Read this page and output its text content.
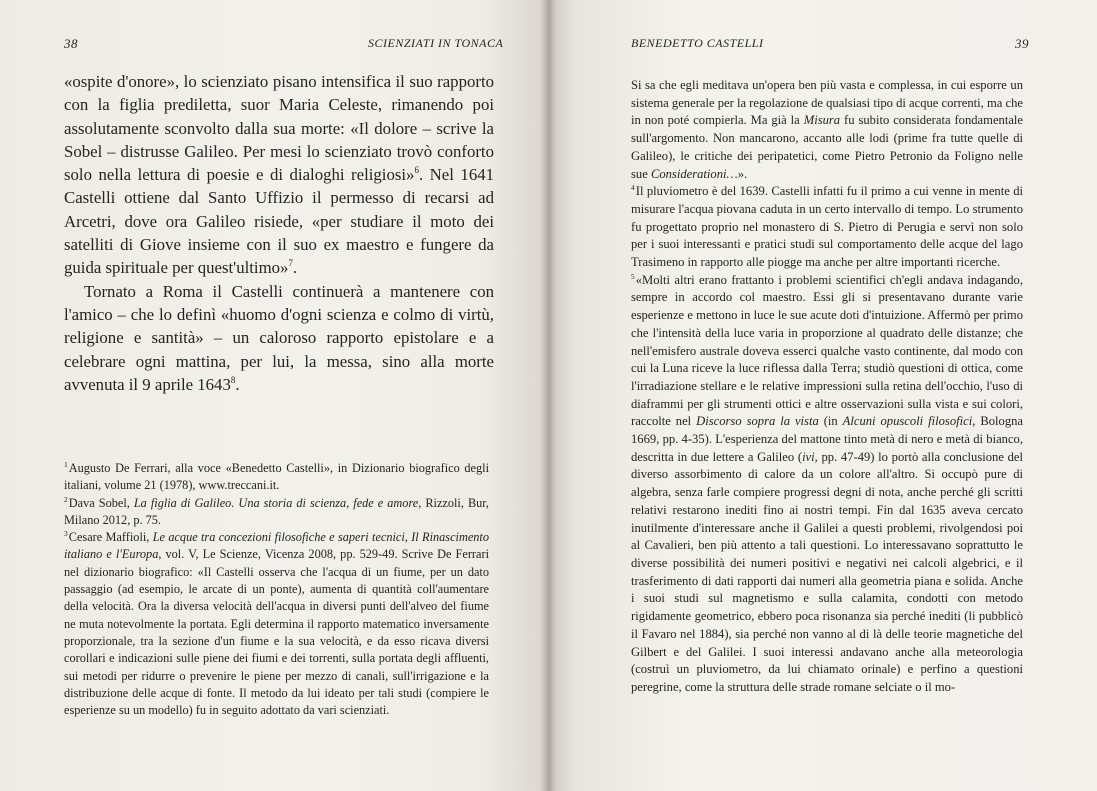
38	SCIENZIATI IN TONACA

«ospite d'onore», lo scienziato pisano intensifica il suo rapporto con la figlia prediletta, suor Maria Celeste, rimanendo poi assolutamente sconvolto dalla sua morte: «Il dolore – scrive la Sobel – distrusse Galileo. Per mesi lo scienziato trovò conforto solo nella lettura di poesie e di dialoghi religiosi»$^6$. Nel 1641 Castelli ottiene dal Santo Uffizio il permesso di recarsi ad Arcetri, dove ora Galileo risiede, «per studiare il moto dei satelliti di Giove insieme con il suo ex maestro e fungere da guida spirituale per quest'ultimo»$^7$.

Tornato a Roma il Castelli continuerà a mantenere con l'amico – che lo definì «huomo d'ogni scienza e colmo di virtù, religione e santità» – un caloroso rapporto epistolare e a celebrare ogni mattina, per lui, la messa, sino alla morte avvenuta il 9 aprile 1643$^8$.

$^1$Augusto De Ferrari, alla voce «Benedetto Castelli», in Dizionario biografico degli italiani, volume 21 (1978), www.treccani.it.

$^2$Dava Sobel, La figlia di Galileo. Una storia di scienza, fede e amore, Rizzoli, Bur, Milano 2012, p. 75.

$^3$Cesare Maffioli, Le acque tra concezioni filosofiche e saperi tecnici, Il Rinascimento italiano e l'Europa, vol. V, Le Scienze, Vicenza 2008, pp. 529-49. Scrive De Ferrari nel dizionario biografico: «Il Castelli osserva che l'acqua di un fiume, per un dato passaggio (ad esempio, le arcate di un ponte), aumenta di quantità coll'aumentare della velocità. Ora la diversa velocità dell'acqua in diversi punti dell'alveo del fiume ne muta notevolmente la portata. Egli determina il rapporto matematico inversamente proporzionale, tra la sezione d'un fiume e la sua velocità, e da esso ricava diversi corollari e indicazioni sulle piene dei fiumi e dei torrenti, sulla portata degli affluenti, sui metodi per ridurre o prevenire le piene per mezzo di canali, sull'irrigazione e la distribuzione delle acque di fonte. Il metodo da lui ideato per tali studi (compiere le esperienze su un modello) fu in seguito adottato da vari scienziati.

BENEDETTO CASTELLI	39

Si sa che egli meditava un'opera ben più vasta e complessa, in cui esporre un sistema generale per la regolazione de qualsiasi tipo di acque correnti, ma che in non poté compierla. Ma già la Misura fu subito considerata fondamentale sull'argomento. Non mancarono, accanto alle lodi (prime fra tutte quelle di Galileo), le critiche dei peripatetici, come Pietro Petronio da Foligno nelle sue Considerationi…».

$^4$Il pluviometro è del 1639. Castelli infatti fu il primo a cui venne in mente di misurare l'acqua piovana caduta in un certo intervallo di tempo. Lo strumento fu progettato proprio nel monastero di S. Pietro di Perugia e servì non solo per i suoi interessanti e pratici studi sul comportamento delle acque del lago Trasimeno in rapporto alle piogge ma anche per altre importanti ricerche.

$^5$«Molti altri erano frattanto i problemi scientifici ch'egli andava indagando, sempre in accordo col maestro. Essi gli si presentavano durante varie esperienze e mettono in luce le sue acute doti d'intuizione. Affermò per primo che l'intensità della luce varia in proporzione al quadrato delle distanze; che nell'emisfero australe doveva esserci qualche vasto continente, dal modo con cui la Luna riceve la luce riflessa dalla Terra; studiò questioni di ottica, come l'irradiazione stellare e le relative impressioni sulla retina dell'occhio, l'uso di diaframmi per gli strumenti ottici e altre osservazioni sulla vista e sui colori, raccolte nel Discorso sopra la vista (in Alcuni opuscoli filosofici, Bologna 1669, pp. 4-35). L'esperienza del mattone tinto metà di nero e metà di bianco, descritta in due lettere a Galileo (ivi, pp. 47-49) lo portò alla conclusione del diverso assorbimento di calore da un colore all'altro. Si occupò pure di algebra, senza farle compiere progressi degni di nota, anche perché gli scritti relativi restarono inediti fino ai nostri tempi. Fin dal 1635 aveva cercato inutilmente d'interessare anche il Galilei a questi problemi, rivolgendosi poi al Cavalieri, ben più attento a tali questioni. Lo interessavano soprattutto le diverse possibilità dei numeri positivi e negativi nei calcoli algebrici, e il trasferimento di dati rapporti dai numeri alla geometria piana e solida. Anche i suoi studi sul magnetismo e sulla calamita, condotti con metodo rigidamente geometrico, ebbero poca risonanza sia perché inediti (li pubblicò il Favaro nel 1884), sia perché non vanno al di là delle teorie magnetiche del Gilbert e del Galilei. I suoi interessi andavano anche alla meteorologia (costruì un pluviometro, da lui chiamato orinale) e perfino a questioni peregrine, come la struttura delle strade romane selciate o il mo-
